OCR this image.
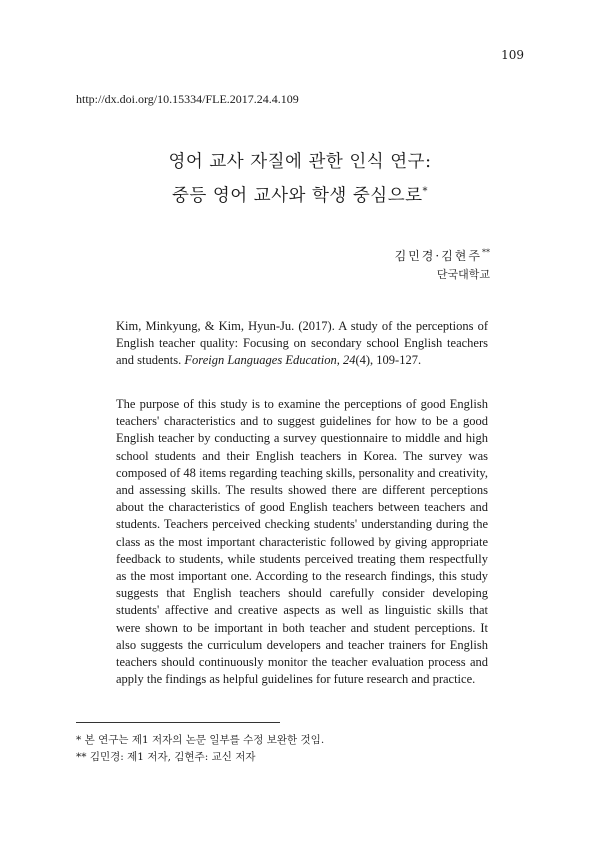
109
http://dx.doi.org/10.15334/FLE.2017.24.4.109
영어 교사 자질에 관한 인식 연구:
중등 영어 교사와 학생 중심으로*
김민경·김현주**
단국대학교
Kim, Minkyung, & Kim, Hyun-Ju. (2017). A study of the perceptions of English teacher quality: Focusing on secondary school English teachers and students. Foreign Languages Education, 24(4), 109-127.
The purpose of this study is to examine the perceptions of good English teachers' characteristics and to suggest guidelines for how to be a good English teacher by conducting a survey questionnaire to middle and high school students and their English teachers in Korea. The survey was composed of 48 items regarding teaching skills, personality and creativity, and assessing skills. The results showed there are different perceptions about the characteristics of good English teachers between teachers and students. Teachers perceived checking students' understanding during the class as the most important characteristic followed by giving appropriate feedback to students, while students perceived treating them respectfully as the most important one. According to the research findings, this study suggests that English teachers should carefully consider developing students' affective and creative aspects as well as linguistic skills that were shown to be important in both teacher and student perceptions. It also suggests the curriculum developers and teacher trainers for English teachers should continuously monitor the teacher evaluation process and apply the findings as helpful guidelines for future research and practice.
* 본 연구는 제1 저자의 논문 일부를 수정 보완한 것임.
** 김민경: 제1 저자, 김현주: 교신 저자
